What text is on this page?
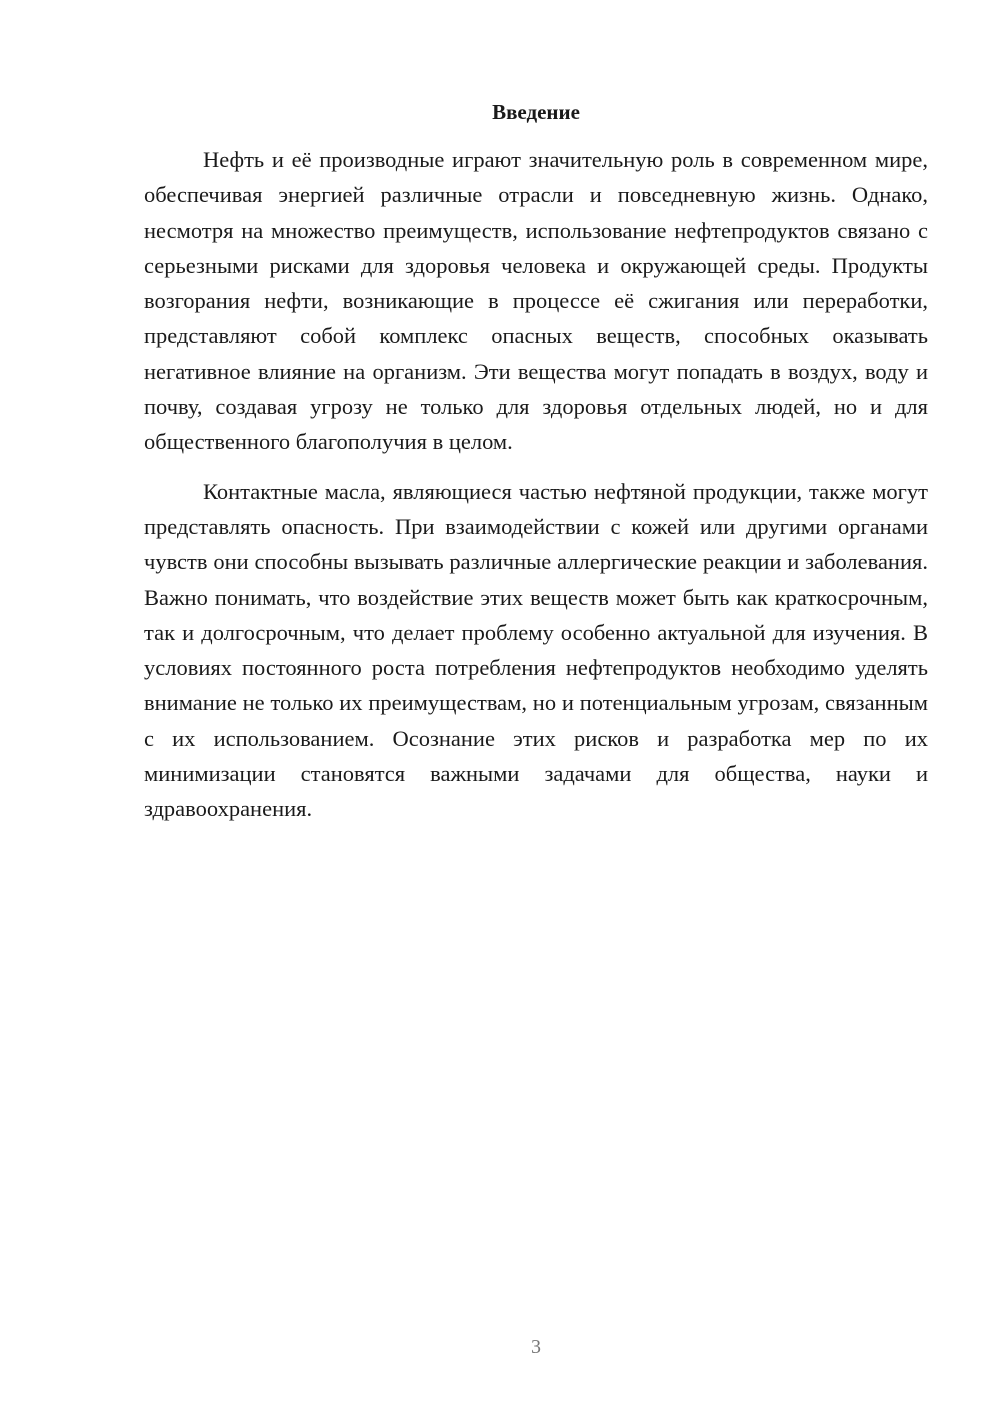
Введение

Нефть и её производные играют значительную роль в современном мире, обеспечивая энергией различные отрасли и повседневную жизнь. Однако, несмотря на множество преимуществ, использование нефтепродуктов связано с серьезными рисками для здоровья человека и окружающей среды. Продукты возгорания нефти, возникающие в процессе её сжигания или переработки, представляют собой комплекс опасных веществ, способных оказывать негативное влияние на организм. Эти вещества могут попадать в воздух, воду и почву, создавая угрозу не только для здоровья отдельных людей, но и для общественного благополучия в целом.

Контактные масла, являющиеся частью нефтяной продукции, также могут представлять опасность. При взаимодействии с кожей или другими органами чувств они способны вызывать различные аллергические реакции и заболевания. Важно понимать, что воздействие этих веществ может быть как краткосрочным, так и долгосрочным, что делает проблему особенно актуальной для изучения. В условиях постоянного роста потребления нефтепродуктов необходимо уделять внимание не только их преимуществам, но и потенциальным угрозам, связанным с их использованием. Осознание этих рисков и разработка мер по их минимизации становятся важными задачами для общества, науки и здравоохранения.

3
